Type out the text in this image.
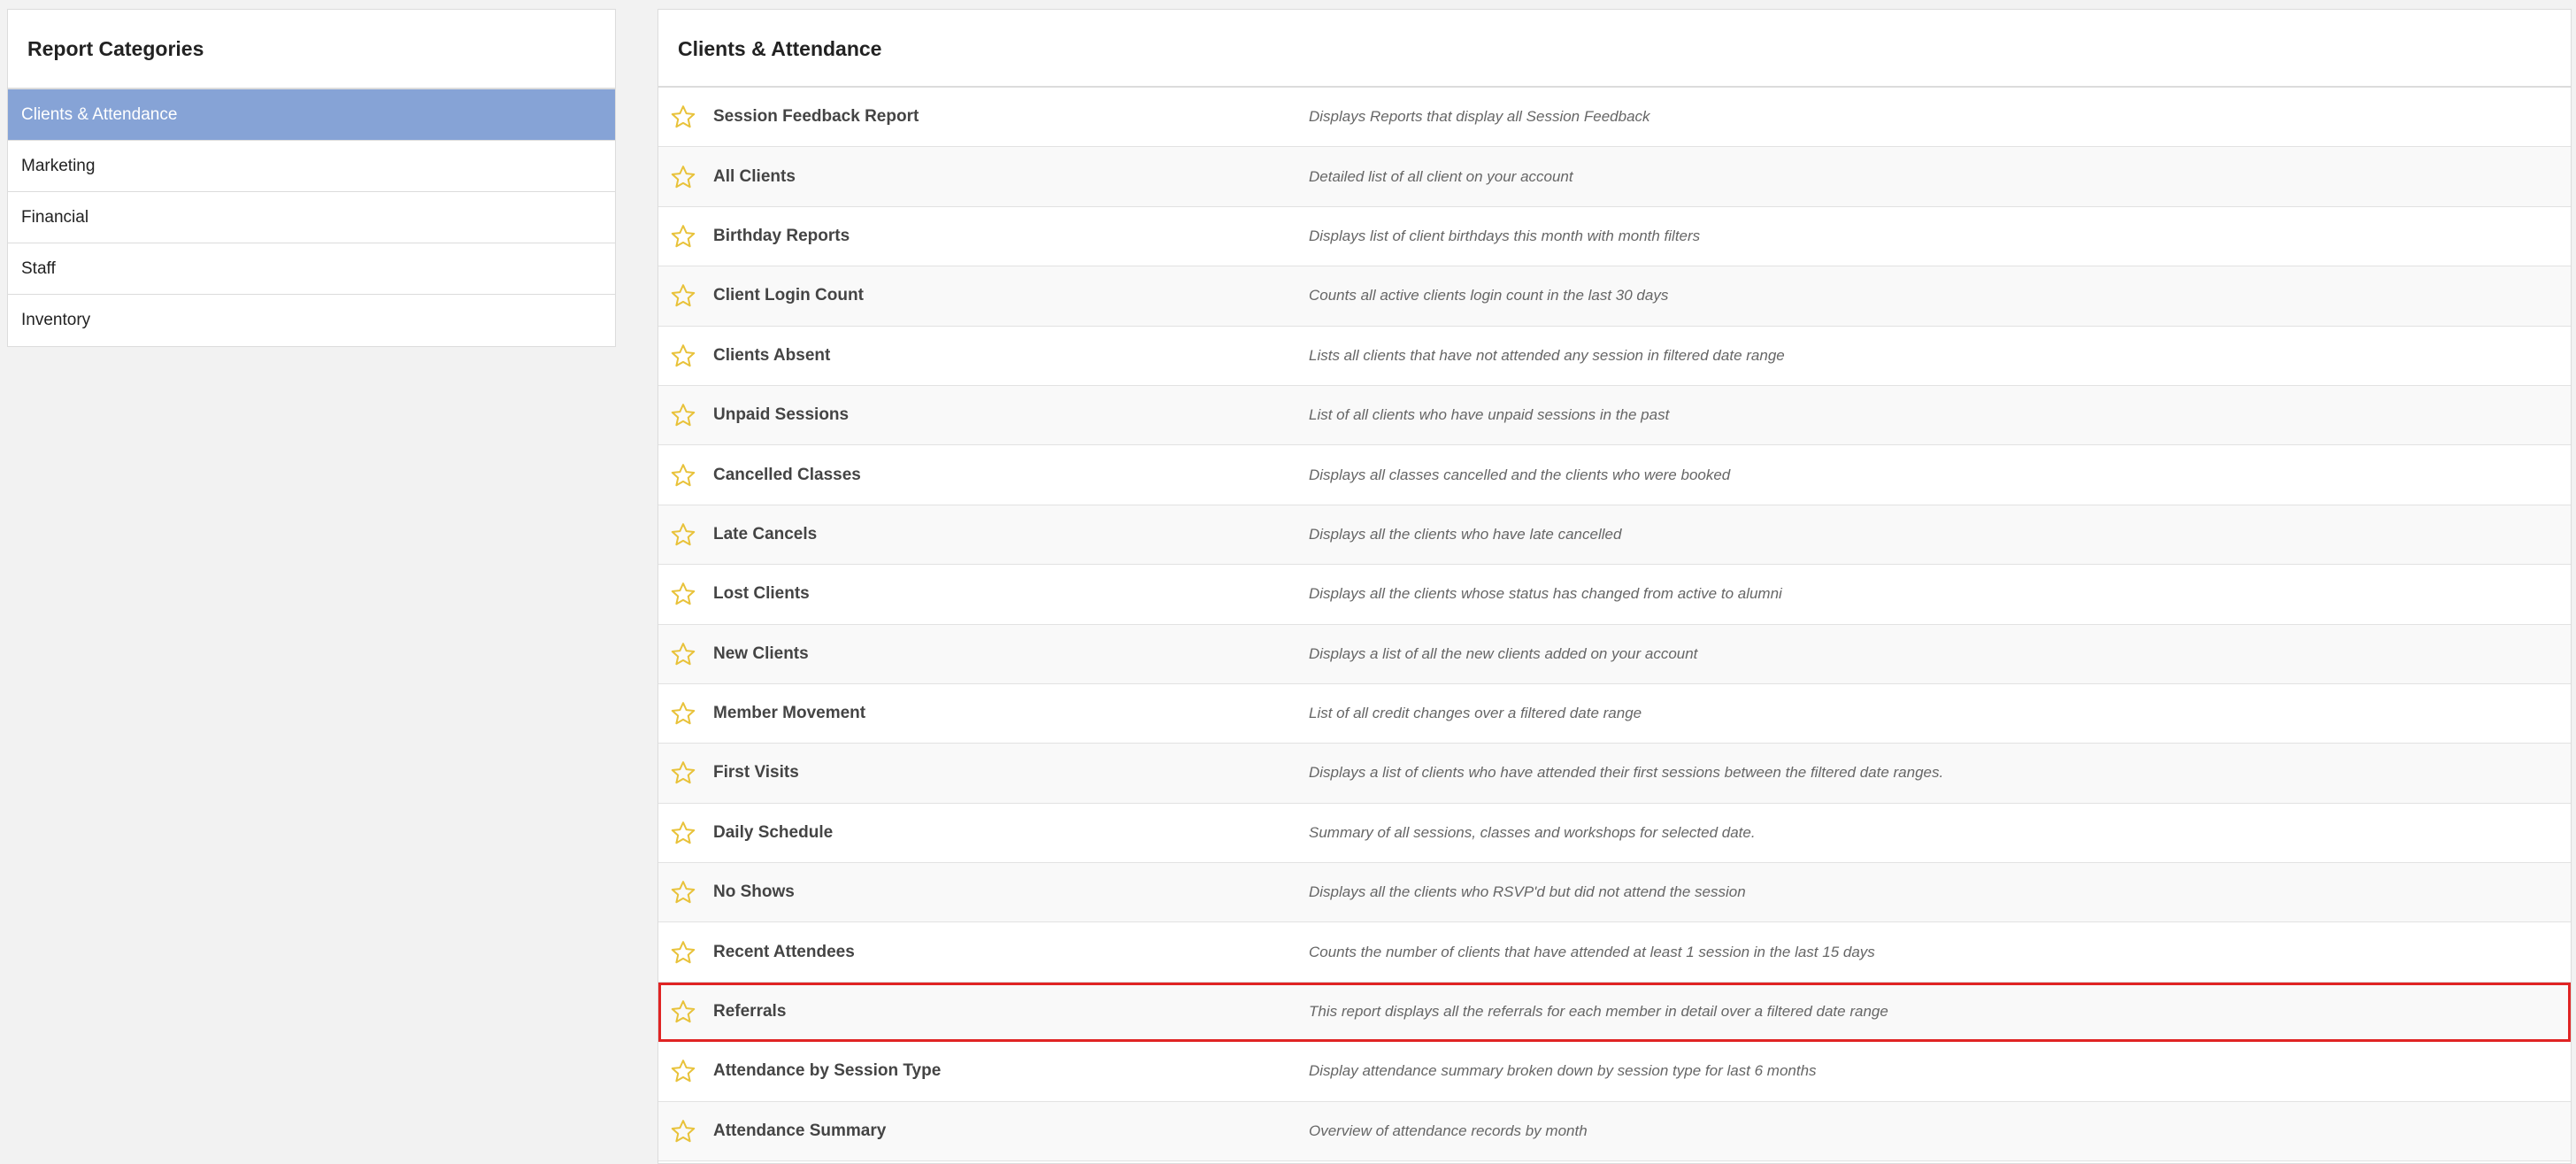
Report Categories
Clients & Attendance
Marketing
Financial
Staff
Inventory
Clients & Attendance
Session Feedback Report	Displays Reports that display all Session Feedback
All Clients	Detailed list of all client on your account
Birthday Reports	Displays list of client birthdays this month with month filters
Client Login Count	Counts all active clients login count in the last 30 days
Clients Absent	Lists all clients that have not attended any session in filtered date range
Unpaid Sessions	List of all clients who have unpaid sessions in the past
Cancelled Classes	Displays all classes cancelled and the clients who were booked
Late Cancels	Displays all the clients who have late cancelled
Lost Clients	Displays all the clients whose status has changed from active to alumni
New Clients	Displays a list of all the new clients added on your account
Member Movement	List of all credit changes over a filtered date range
First Visits	Displays a list of clients who have attended their first sessions between the filtered date ranges.
Daily Schedule	Summary of all sessions, classes and workshops for selected date.
No Shows	Displays all the clients who RSVP'd but did not attend the session
Recent Attendees	Counts the number of clients that have attended at least 1 session in the last 15 days
Referrals	This report displays all the referrals for each member in detail over a filtered date range
Attendance by Session Type	Display attendance summary broken down by session type for last 6 months
Attendance Summary	Overview of attendance records by month
